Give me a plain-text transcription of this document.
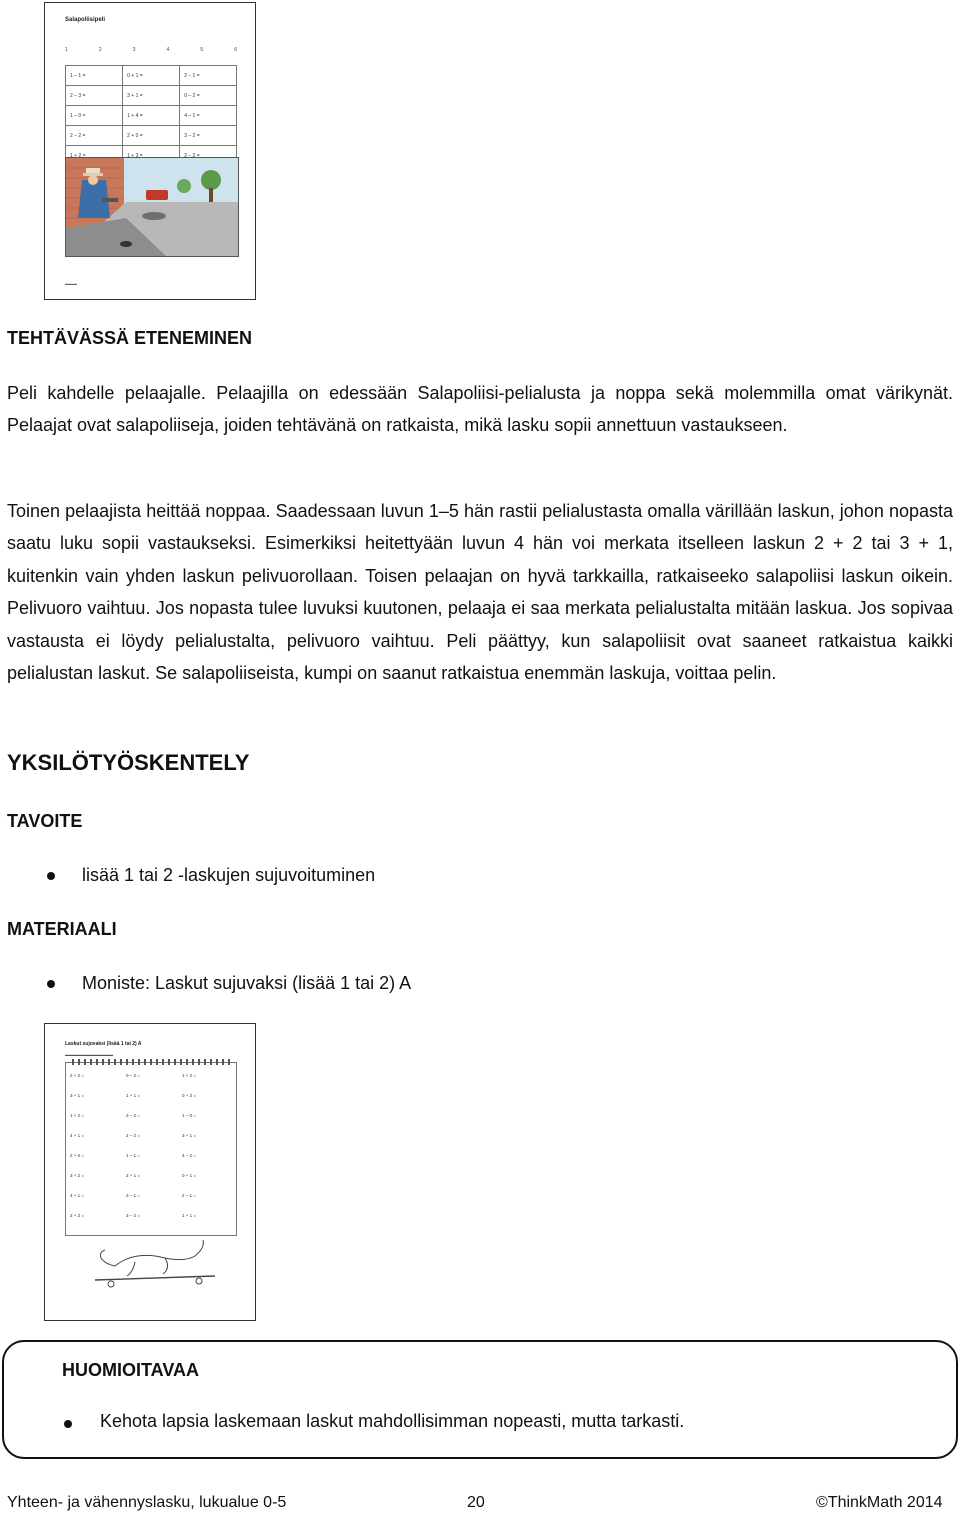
Salapoliisipeli
1	2	3	4	5	6
1 – 1 =	0 + 1 =	2 – 1 =
2 – 3 =	3 + 1 =	0 – 2 =
1 – 0 =	1 + 4 =	4 – 1 =
2 – 2 =	2 + 0 =	3 – 2 =
1 + 2 =	1 + 3 =	2 – 2 =
▬▬▬
TEHTÄVÄSSÄ ETENEMINEN
Peli kahdelle pelaajalle. Pelaajilla on edessään Salapoliisi-pelialusta ja noppa sekä molemmilla omat värikynät. Pelaajat ovat salapoliiseja, joiden tehtävänä on ratkaista, mikä lasku sopii annettuun vastaukseen.
Toinen pelaajista heittää noppaa. Saadessaan luvun 1–5 hän rastii pelialustasta omalla värillään laskun, johon nopasta saatu luku sopii vastaukseksi. Esimerkiksi heitettyään luvun 4 hän voi merkata itselleen laskun 2 + 2 tai 3 + 1, kuitenkin vain yhden laskun pelivuorollaan. Toisen pelaajan on hyvä tarkkailla, ratkaiseeko salapoliisi laskun oikein. Pelivuoro vaihtuu. Jos nopasta tulee luvuksi kuutonen, pelaaja ei saa merkata pelialustalta mitään laskua. Jos sopivaa vastausta ei löydy pelialustalta, pelivuoro vaihtuu. Peli päättyy, kun salapoliisit ovat saaneet ratkaistua kaikki pelialustan laskut. Se salapoliiseista, kumpi on saanut ratkaistua enemmän laskuja, voittaa pelin.
YKSILÖTYÖSKENTELY
TAVOITE
lisää 1 tai 2 -laskujen sujuvoituminen
MATERIAALI
Moniste: Laskut sujuvaksi (lisää 1 tai 2) A
Laskut sujuvaksi (lisää 1 tai 2) A
▬▬▬▬▬▬▬▬▬▬▬▬
2 + 2 =	0 – 2 =	1 + 2 =
3 + 1 =	1 + 1 =	0 + 2 =
1 + 2 =	3 – 2 =	1 – 0 =
4 + 1 =	2 – 2 =	3 + 1 =
2 + 0 =	1 – 1 =	4 – 2 =
3 + 2 =	2 + 1 =	0 + 1 =
4 + 1 =	3 – 1 =	2 – 1 =
2 + 2 =	3 – 2 =	1 + 1 =
HUOMIOITAVAA
Kehota lapsia laskemaan laskut mahdollisimman nopeasti, mutta tarkasti.
Yhteen- ja vähennyslasku, lukualue 0-5	20	©ThinkMath 2014
